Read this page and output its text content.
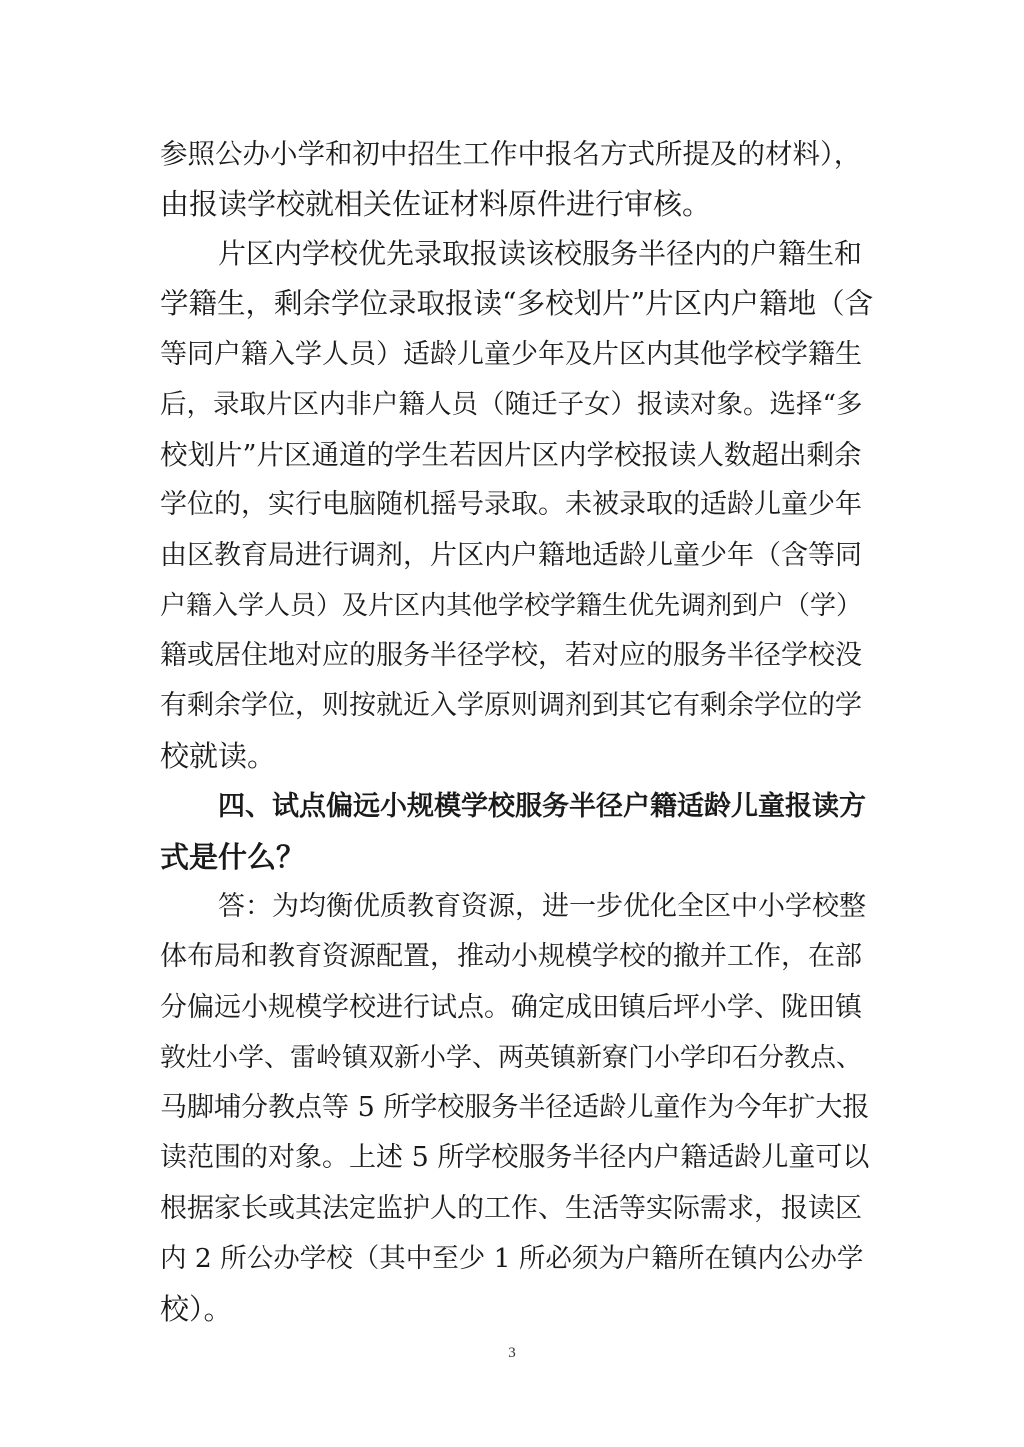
参照公办小学和初中招生工作中报名方式所提及的材料），
由报读学校就相关佐证材料原件进行审核。
片区内学校优先录取报读该校服务半径内的户籍生和
学籍生，剩余学位录取报读“多校划片”片区内户籍地（含
等同户籍入学人员）适龄儿童少年及片区内其他学校学籍生
后，录取片区内非户籍人员（随迁子女）报读对象。选择“多
校划片”片区通道的学生若因片区内学校报读人数超出剩余
学位的，实行电脑随机摇号录取。未被录取的适龄儿童少年
由区教育局进行调剂，片区内户籍地适龄儿童少年（含等同
户籍入学人员）及片区内其他学校学籍生优先调剂到户（学）
籍或居住地对应的服务半径学校，若对应的服务半径学校没
有剩余学位，则按就近入学原则调剂到其它有剩余学位的学
校就读。
四、试点偏远小规模学校服务半径户籍适龄儿童报读方
式是什么？
答：为均衡优质教育资源，进一步优化全区中小学校整
体布局和教育资源配置，推动小规模学校的撤并工作，在部
分偏远小规模学校进行试点。确定成田镇后坪小学、陇田镇
敦灶小学、雷岭镇双新小学、两英镇新寮门小学印石分教点、
马脚埔分教点等 5 所学校服务半径适龄儿童作为今年扩大报
读范围的对象。上述 5 所学校服务半径内户籍适龄儿童可以
根据家长或其法定监护人的工作、生活等实际需求，报读区
内 2 所公办学校（其中至少 1 所必须为户籍所在镇内公办学
校）。
3
